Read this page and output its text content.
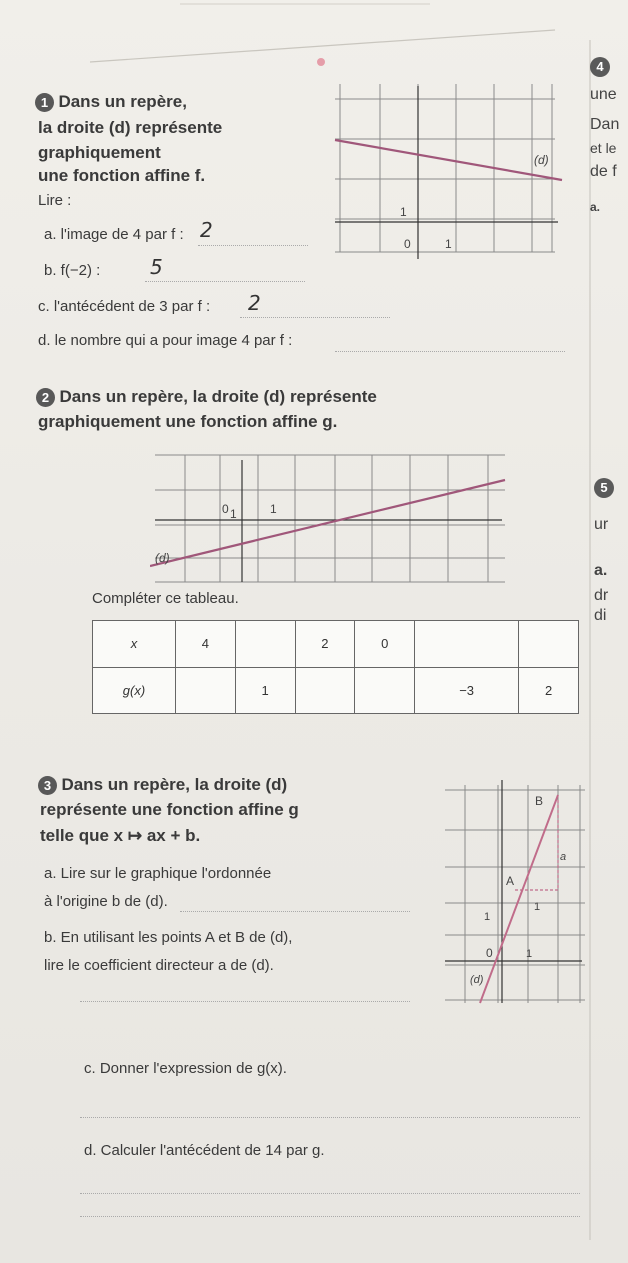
1 Dans un repère,
la droite (d) représente
graphiquement
une fonction affine f.
Lire :
a. l'image de 4 par f : 2
b. f(−2) : 5
c. l'antécédent de 3 par f : 2
d. le nombre qui a pour image 4 par f :
(d)
1
0	1
2 Dans un repère, la droite (d) représente
graphiquement une fonction affine g.
(d)
1
0	1
Compléter ce tableau.
x	4		2	0		
g(x)		1			−3	2
3 Dans un repère, la droite (d)
représente une fonction affine g
telle que x ↦ ax + b.
a. Lire sur le graphique l'ordonnée
à l'origine b de (d).
b. En utilisant les points A et B de (d),
lire le coefficient directeur a de (d).
c. Donner l'expression de g(x).
d. Calculer l'antécédent de 14 par g.
B
A
a
1
1
0	1
(d)
4
une
Dan
et le
de f
a.
5
ur
a.
dr
di
